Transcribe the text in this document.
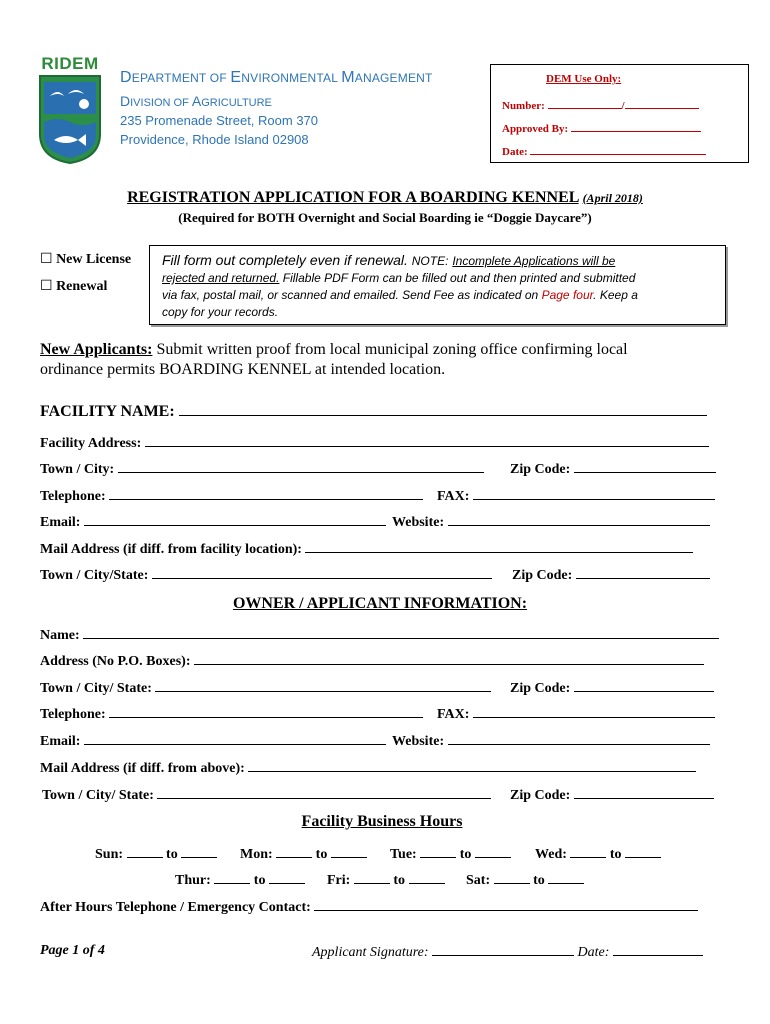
RIDEM
DEPARTMENT OF ENVIRONMENTAL MANAGEMENT
DIVISION OF AGRICULTURE
235 Promenade Street, Room 370
Providence, Rhode Island 02908
DEM Use Only:
Number:	/
Approved By:
Date:
REGISTRATION APPLICATION FOR A BOARDING KENNEL (April 2018)
(Required for BOTH Overnight and Social Boarding ie “Doggie Daycare”)
☐ New License
☐ Renewal
Fill form out completely even if renewal. NOTE: Incomplete Applications will be
rejected and returned. Fillable PDF Form can be filled out and then printed and submitted
via fax, postal mail, or scanned and emailed. Send Fee as indicated on Page four. Keep a
copy for your records.
New Applicants: Submit written proof from local municipal zoning office confirming local
ordinance permits BOARDING KENNEL at intended location.
FACILITY NAME:
Facility Address:
Town / City:	Zip Code:
Telephone:	FAX:
Email:	Website:
Mail Address (if diff. from facility location):
Town / City/State:	Zip Code:
OWNER / APPLICANT INFORMATION:
Name:
Address (No P.O. Boxes):
Town / City/ State:	Zip Code:
Telephone:	FAX:
Email:	Website:
Mail Address (if diff. from above):
Town / City/ State:	Zip Code:
Facility Business Hours
Sun:	to	Mon:	to	Tue:	to	Wed:	to
Thur:	to	Fri:	to	Sat:	to
After Hours Telephone / Emergency Contact:
Page 1 of 4	Applicant Signature:	Date:
